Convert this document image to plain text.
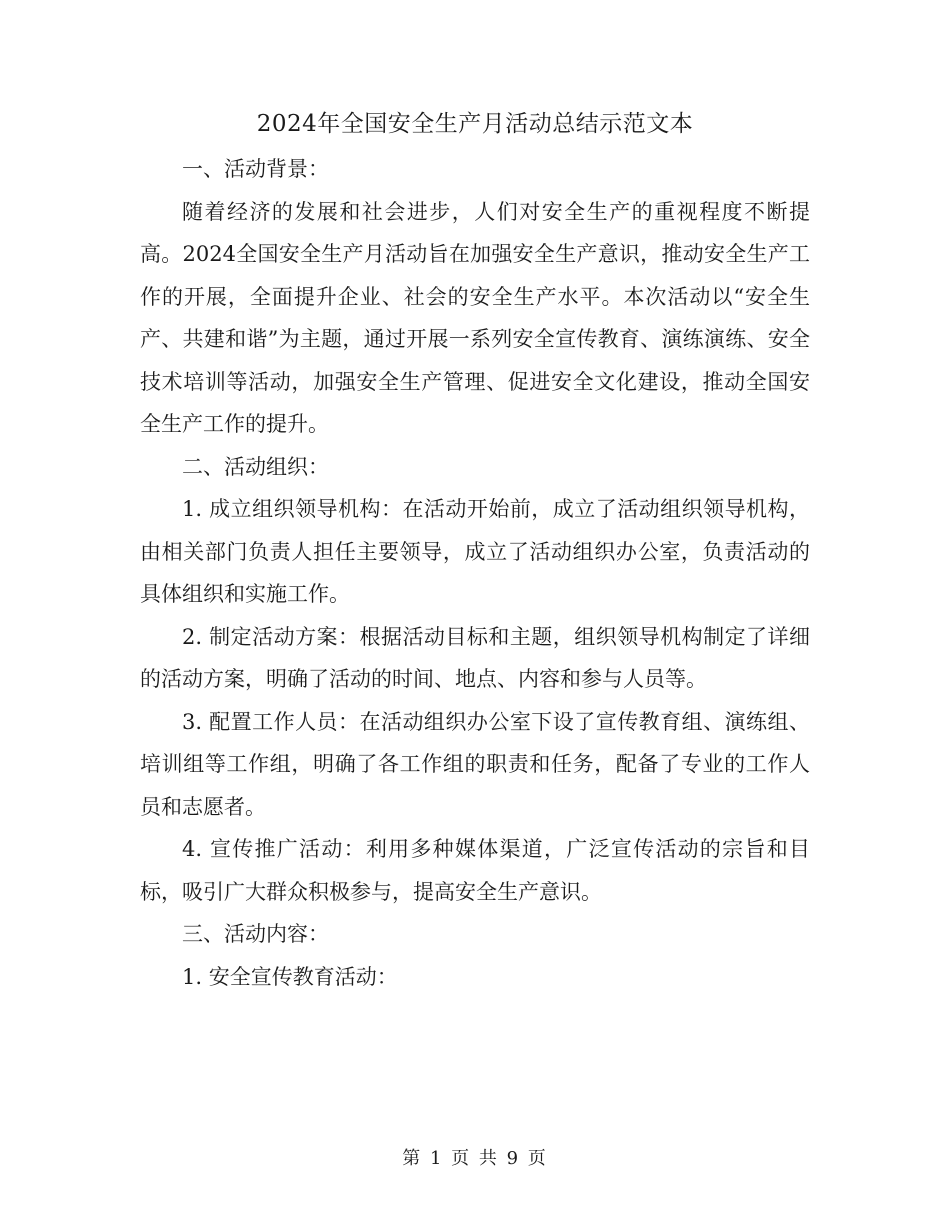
2024年全国安全生产月活动总结示范文本

一、活动背景：

随着经济的发展和社会进步，人们对安全生产的重视程度不断提高。2024全国安全生产月活动旨在加强安全生产意识，推动安全生产工作的开展，全面提升企业、社会的安全生产水平。本次活动以“安全生产、共建和谐”为主题，通过开展一系列安全宣传教育、演练演练、安全技术培训等活动，加强安全生产管理、促进安全文化建设，推动全国安全生产工作的提升。

二、活动组织：

1. 成立组织领导机构：在活动开始前，成立了活动组织领导机构，由相关部门负责人担任主要领导，成立了活动组织办公室，负责活动的具体组织和实施工作。

2. 制定活动方案：根据活动目标和主题，组织领导机构制定了详细的活动方案，明确了活动的时间、地点、内容和参与人员等。

3. 配置工作人员：在活动组织办公室下设了宣传教育组、演练组、培训组等工作组，明确了各工作组的职责和任务，配备了专业的工作人员和志愿者。

4. 宣传推广活动：利用多种媒体渠道，广泛宣传活动的宗旨和目标，吸引广大群众积极参与，提高安全生产意识。

三、活动内容：

1. 安全宣传教育活动：

第 1 页 共 9 页
